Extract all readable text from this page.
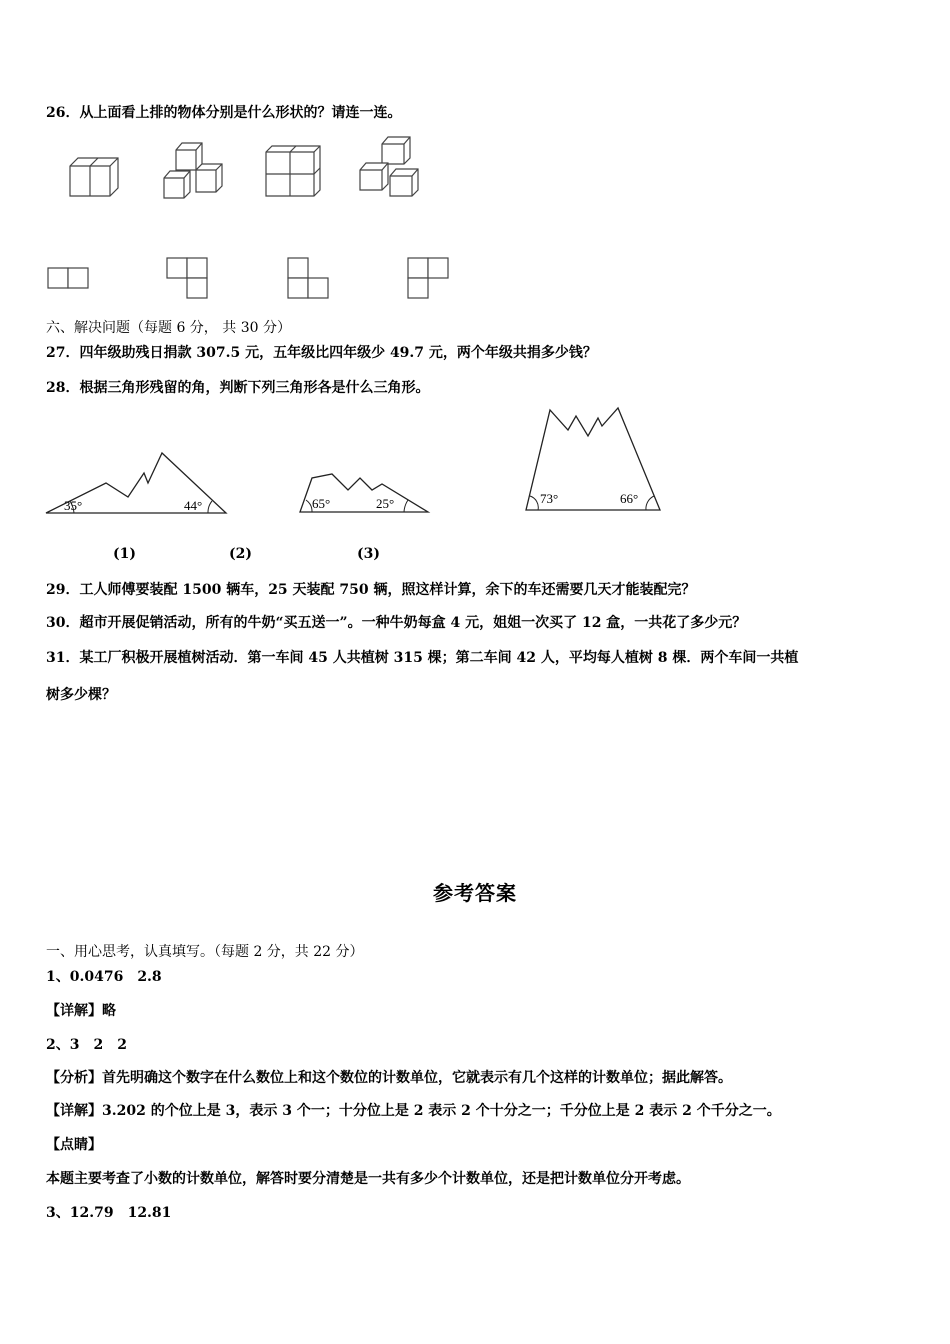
26．从上面看上排的物体分别是什么形状的？请连一连。
六、解决问题（每题 6 分， 共 30 分）
27．四年级助残日捐款 307.5 元，五年级比四年级少 49.7 元，两个年级共捐多少钱？
28．根据三角形残留的角，判断下列三角形各是什么三角形。
35°	44°	65°	25°	73°	66°
(1)	(2)	(3)
29．工人师傅要装配 1500 辆车，25 天装配 750 辆，照这样计算，余下的车还需要几天才能装配完？
30．超市开展促销活动，所有的牛奶“买五送一”。一种牛奶每盒 4 元，姐姐一次买了 12 盒，一共花了多少元？
31．某工厂积极开展植树活动．第一车间 45 人共植树 315 棵；第二车间 42 人，平均每人植树 8 棵．两个车间一共植
树多少棵？
参考答案
一、用心思考，认真填写。（每题 2 分，共 22 分）
1、0.0476　2.8
【详解】略
2、3　2　2
【分析】首先明确这个数字在什么数位上和这个数位的计数单位，它就表示有几个这样的计数单位；据此解答。
【详解】3.202 的个位上是 3，表示 3 个一；十分位上是 2 表示 2 个十分之一；千分位上是 2 表示 2 个千分之一。
【点睛】
本题主要考查了小数的计数单位，解答时要分清楚是一共有多少个计数单位，还是把计数单位分开考虑。
3、12.79　12.81
